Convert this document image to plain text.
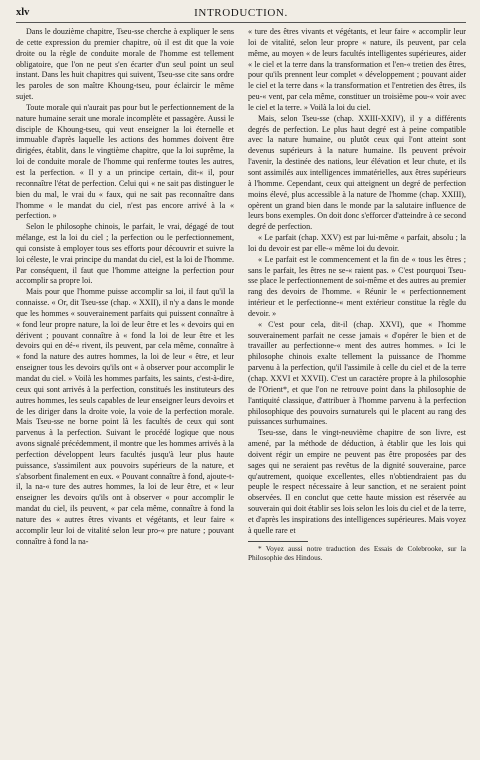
xlv	INTRODUCTION.

Dans le douzième chapitre, Tseu-sse cherche à expliquer le sens de cette expression du premier chapitre, où il est dit que la voie droite ou la règle de conduite morale de l'homme est tellement obligatoire, que l'on ne peut s'en écarter d'un seul point un seul instant. Dans les huit chapitres qui suivent, Tseu-sse cite sans ordre les paroles de son maître Khoung-tseu, pour éclaircir le même sujet.

Toute morale qui n'aurait pas pour but le perfectionnement de la nature humaine serait une morale incomplète et passagère. Aussi le disciple de Khoung-tseu, qui veut enseigner la loi éternelle et immuable d'après laquelle les actions des hommes doivent être dirigées, établit, dans le vingtième chapitre, que la loi suprême, la loi de conduite morale de l'homme qui renferme toutes les autres, est la perfection. « Il y a un principe certain, dit-« il, pour reconnaître l'état de perfection. Celui qui « ne sait pas distinguer le bien du mal, le vrai du « faux, qui ne sait pas reconnaître dans l'homme « le mandat du ciel, n'est pas encore arrivé à la « perfection. »

Selon le philosophe chinois, le parfait, le vrai, dégagé de tout mélange, est la loi du ciel ; la perfection ou le perfectionnement, qui consiste à employer tous ses efforts pour découvrir et suivre la loi céleste, le vrai principe du mandat du ciel, est la loi de l'homme. Par conséquent, il faut que l'homme atteigne la perfection pour accomplir sa propre loi.

Mais pour que l'homme puisse accomplir sa loi, il faut qu'il la connaisse. « Or, dit Tseu-sse (chap. « XXII), il n'y a dans le monde que les hommes « souverainement parfaits qui puissent connaître à « fond leur propre nature, la loi de leur être et les « devoirs qui en dérivent ; pouvant connaître à « fond la loi de leur être et les devoirs qui en dé-« rivent, ils peuvent, par cela même, connaître à « fond la nature des autres hommes, la loi de leur « être, et leur enseigner tous les devoirs qu'ils ont « à observer pour accomplir le mandat du ciel. » Voilà les hommes parfaits, les saints, c'est-à-dire, ceux qui sont arrivés à la perfection, constitués les instituteurs des autres hommes, les seuls capables de leur enseigner leurs devoirs et de les diriger dans la droite voie, la voie de la perfection morale. Mais Tseu-sse ne borne point là les facultés de ceux qui sont parvenus à la perfection. Suivant le procédé logique que nous avons signalé précédemment, il montre que les hommes arrivés à la perfection développent leurs facultés jusqu'à leur plus haute puissance, s'assimilent aux pouvoirs supérieurs de la nature, et s'absorbent finalement en eux. « Pouvant connaître à fond, ajoute-t-il, la na-« ture des autres hommes, la loi de leur être, et « leur enseigner les devoirs qu'ils ont à observer « pour accomplir le mandat du ciel, ils peuvent, « par cela même, connaître à fond la nature des « autres êtres vivants et végétants, et leur faire « accomplir leur loi de vitalité selon leur pro-« pre nature ; pouvant connaître à fond la na-

« ture des êtres vivants et végétants, et leur faire « accomplir leur loi de vitalité, selon leur propre « nature, ils peuvent, par cela même, au moyen « de leurs facultés intelligentes supérieures, aider « le ciel et la terre dans la transformation et l'en-« tretien des êtres, pour qu'ils prennent leur complet « développement ; pouvant aider le ciel et la terre dans « la transformation et l'entretien des êtres, ils peu-« vent, par cela même, constituer un troisième pou-« voir avec le ciel et la terre. » Voilà la loi du ciel.

Mais, selon Tseu-sse (chap. XXIII-XXIV), il y a différents degrés de perfection. Le plus haut degré est à peine compatible avec la nature humaine, ou plutôt ceux qui l'ont atteint sont devenus supérieurs à la nature humaine. Ils peuvent prévoir l'avenir, la destinée des nations, leur élévation et leur chute, et ils sont assimilés aux intelligences immatérielles, aux êtres supérieurs à l'homme. Cependant, ceux qui atteignent un degré de perfection moins élevé, plus accessible à la nature de l'homme (chap. XXIII), opèrent un grand bien dans le monde par la salutaire influence de leurs bons exemples. On doit donc s'efforcer d'atteindre à ce second degré de perfection.

« Le parfait (chap. XXV) est par lui-même « parfait, absolu ; la loi du devoir est par elle-« même loi du devoir.

« Le parfait est le commencement et la fin de « tous les êtres ; sans le parfait, les êtres ne se-« raient pas. » C'est pourquoi Tseu-sse place le perfectionnement de soi-même et des autres au premier rang des devoirs de l'homme. « Réunir le « perfectionnement intérieur et le perfectionne-« ment extérieur constitue la règle du devoir. »

« C'est pour cela, dit-il (chap. XXVI), que « l'homme souverainement parfait ne cesse jamais « d'opérer le bien et de travailler au perfectionne-« ment des autres hommes. » Ici le philosophe chinois exalte tellement la puissance de l'homme parvenu à la perfection, qu'il l'assimile à celle du ciel et de la terre (chap. XXVI et XXVII). C'est un caractère propre à la philosophie de l'Orient*, et que l'on ne retrouve point dans la philosophie de l'antiquité classique, d'attribuer à l'homme parvenu à la perfection philosophique des pouvoirs surnaturels qui le placent au rang des puissances surhumaines.

Tseu-sse, dans le vingt-neuvième chapitre de son livre, est amené, par la méthode de déduction, à établir que les lois qui doivent régir un empire ne peuvent pas être proposées par des sages qui ne seraient pas revêtus de la dignité souveraine, parce qu'autrement, quoique excellentes, elles n'obtiendraient pas du peuple le respect nécessaire à leur sanction, et ne seraient point observées. Il en conclut que cette haute mission est réservée au souverain qui doit établir ses lois selon les lois du ciel et de la terre, et d'après les inspirations des intelligences supérieures. Mais voyez à quelle rare et

* Voyez aussi notre traduction des Essais de Colebrooke, sur la Philosophie des Hindous.
